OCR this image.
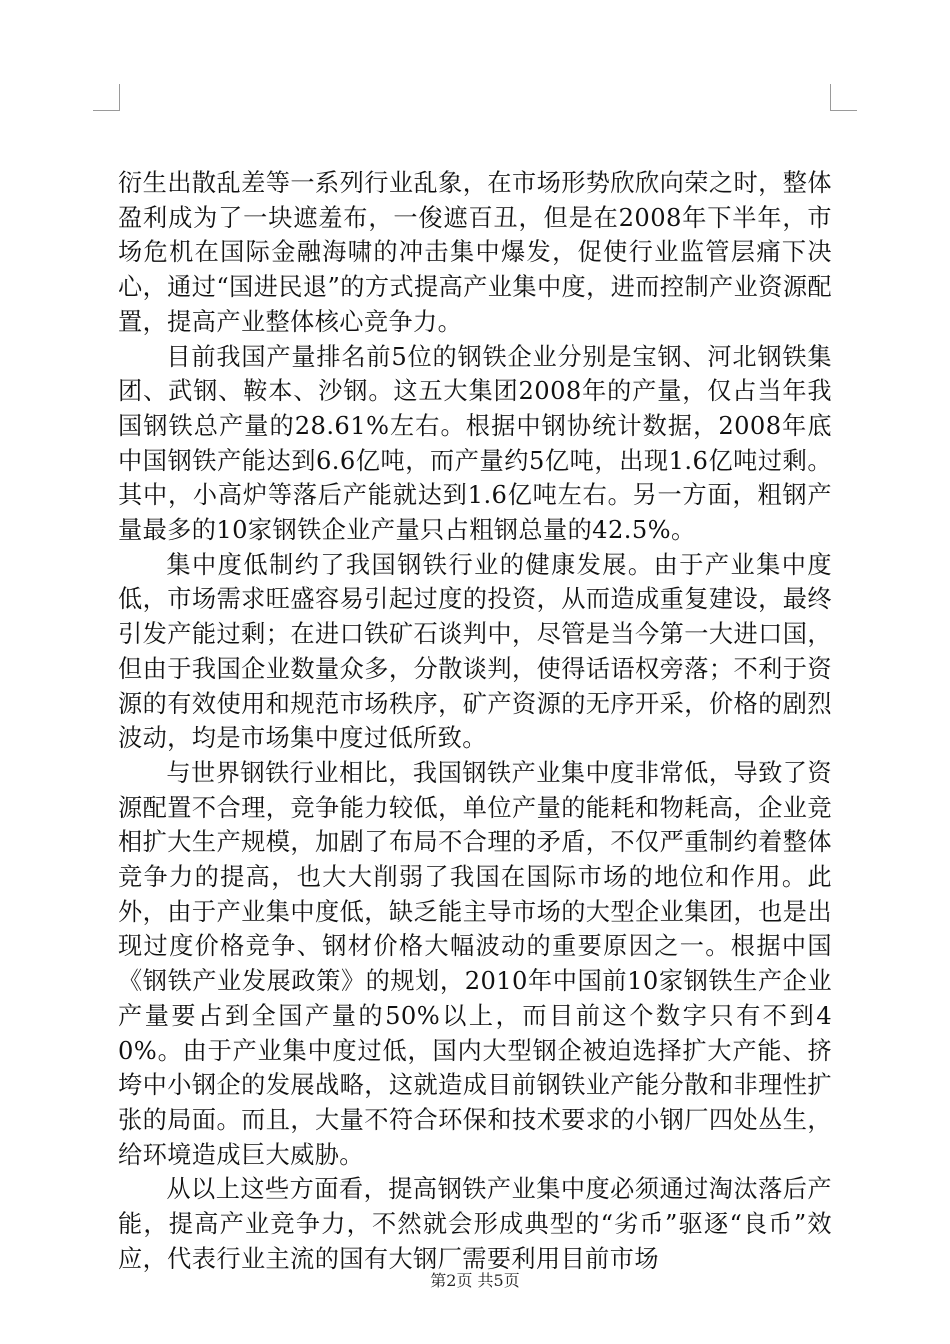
衍生出散乱差等一系列行业乱象，在市场形势欣欣向荣之时，整体盈利成为了一块遮羞布，一俊遮百丑，但是在2008年下半年，市场危机在国际金融海啸的冲击集中爆发，促使行业监管层痛下决心，通过“国进民退”的方式提高产业集中度，进而控制产业资源配置，提高产业整体核心竞争力。

目前我国产量排名前5位的钢铁企业分别是宝钢、河北钢铁集团、武钢、鞍本、沙钢。这五大集团2008年的产量，仅占当年我国钢铁总产量的28.61%左右。根据中钢协统计数据，2008年底中国钢铁产能达到6.6亿吨，而产量约5亿吨，出现1.6亿吨过剩。其中，小高炉等落后产能就达到1.6亿吨左右。另一方面，粗钢产量最多的10家钢铁企业产量只占粗钢总量的42.5%。

集中度低制约了我国钢铁行业的健康发展。由于产业集中度低，市场需求旺盛容易引起过度的投资，从而造成重复建设，最终引发产能过剩；在进口铁矿石谈判中，尽管是当今第一大进口国，但由于我国企业数量众多，分散谈判，使得话语权旁落；不利于资源的有效使用和规范市场秩序，矿产资源的无序开采，价格的剧烈波动，均是市场集中度过低所致。

与世界钢铁行业相比，我国钢铁产业集中度非常低，导致了资源配置不合理，竞争能力较低，单位产量的能耗和物耗高，企业竞相扩大生产规模，加剧了布局不合理的矛盾，不仅严重制约着整体竞争力的提高，也大大削弱了我国在国际市场的地位和作用。此外，由于产业集中度低，缺乏能主导市场的大型企业集团，也是出现过度价格竞争、钢材价格大幅波动的重要原因之一。根据中国《钢铁产业发展政策》的规划，2010年中国前10家钢铁生产企业产量要占到全国产量的50%以上，而目前这个数字只有不到40%。由于产业集中度过低，国内大型钢企被迫选择扩大产能、挤垮中小钢企的发展战略，这就造成目前钢铁业产能分散和非理性扩张的局面。而且，大量不符合环保和技术要求的小钢厂四处丛生，给环境造成巨大威胁。

从以上这些方面看，提高钢铁产业集中度必须通过淘汰落后产能，提高产业竞争力，不然就会形成典型的“劣币”驱逐“良币”效应，代表行业主流的国有大钢厂需要利用目前市场

第2页 共5页
